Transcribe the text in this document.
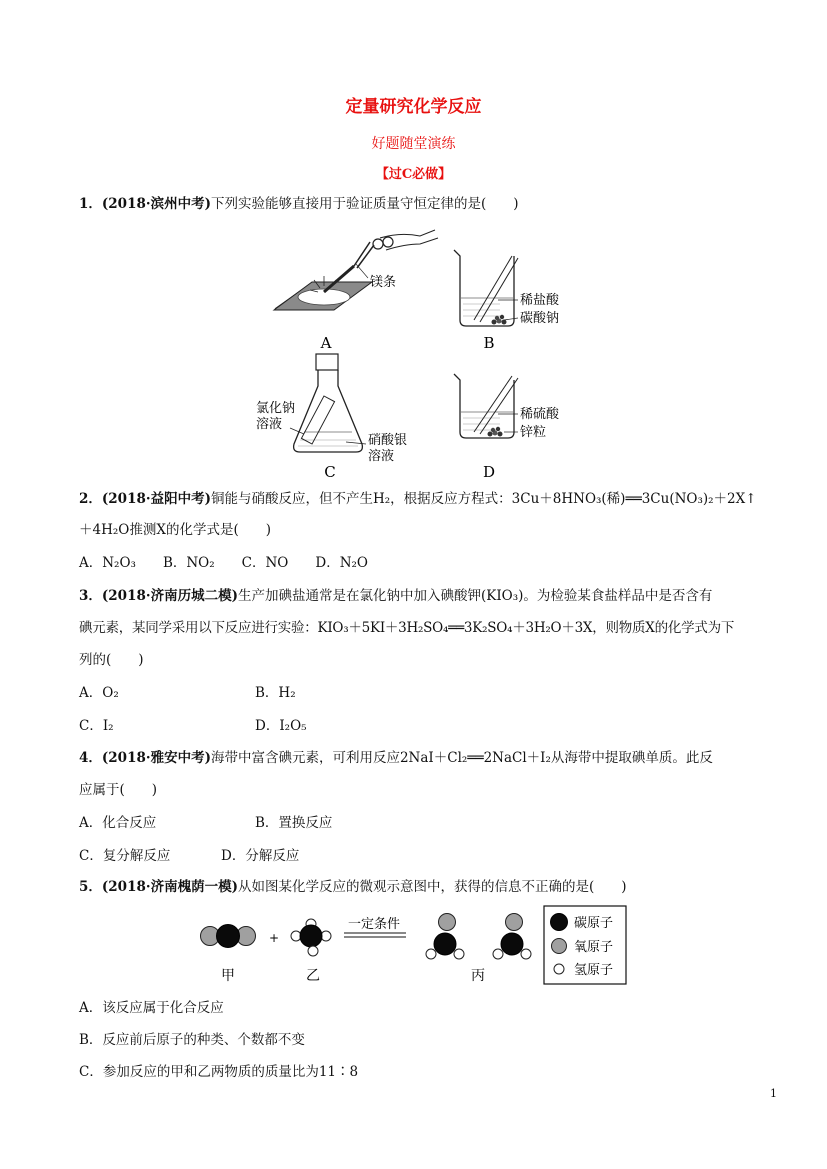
定量研究化学反应
好题随堂演练
【过C必做】
1．(2018·滨州中考)下列实验能够直接用于验证质量守恒定律的是(　　)
镁条
A
稀盐酸
碳酸钠
B
氯化钠
溶液
硝酸银
溶液
C
稀硫酸
锌粒
D
2．(2018·益阳中考)铜能与硝酸反应，但不产生H₂，根据反应方程式：3Cu＋8HNO₃(稀)══3Cu(NO₃)₂＋2X↑
＋4H₂O推测X的化学式是(　　)
A．N₂O₃　　B．NO₂　　C．NO　　D．N₂O
3．(2018·济南历城二模)生产加碘盐通常是在氯化钠中加入碘酸钾(KIO₃)。为检验某食盐样品中是否含有
碘元素，某同学采用以下反应进行实验：KIO₃＋5KI＋3H₂SO₄══3K₂SO₄＋3H₂O＋3X，则物质X的化学式为下
列的(　　)
A．O₂	B．H₂
C．I₂	D．I₂O₅
4．(2018·雅安中考)海带中富含碘元素，可利用反应2NaI＋Cl₂══2NaCl＋I₂从海带中提取碘单质。此反
应属于(　　)
A．化合反应	B．置换反应
C．复分解反应	D．分解反应
5．(2018·济南槐荫一模)从如图某化学反应的微观示意图中，获得的信息不正确的是(　　)
甲
+
乙
一定条件
丙
碳原子
氧原子
氢原子
A．该反应属于化合反应
B．反应前后原子的种类、个数都不变
C．参加反应的甲和乙两物质的质量比为11∶8
1
